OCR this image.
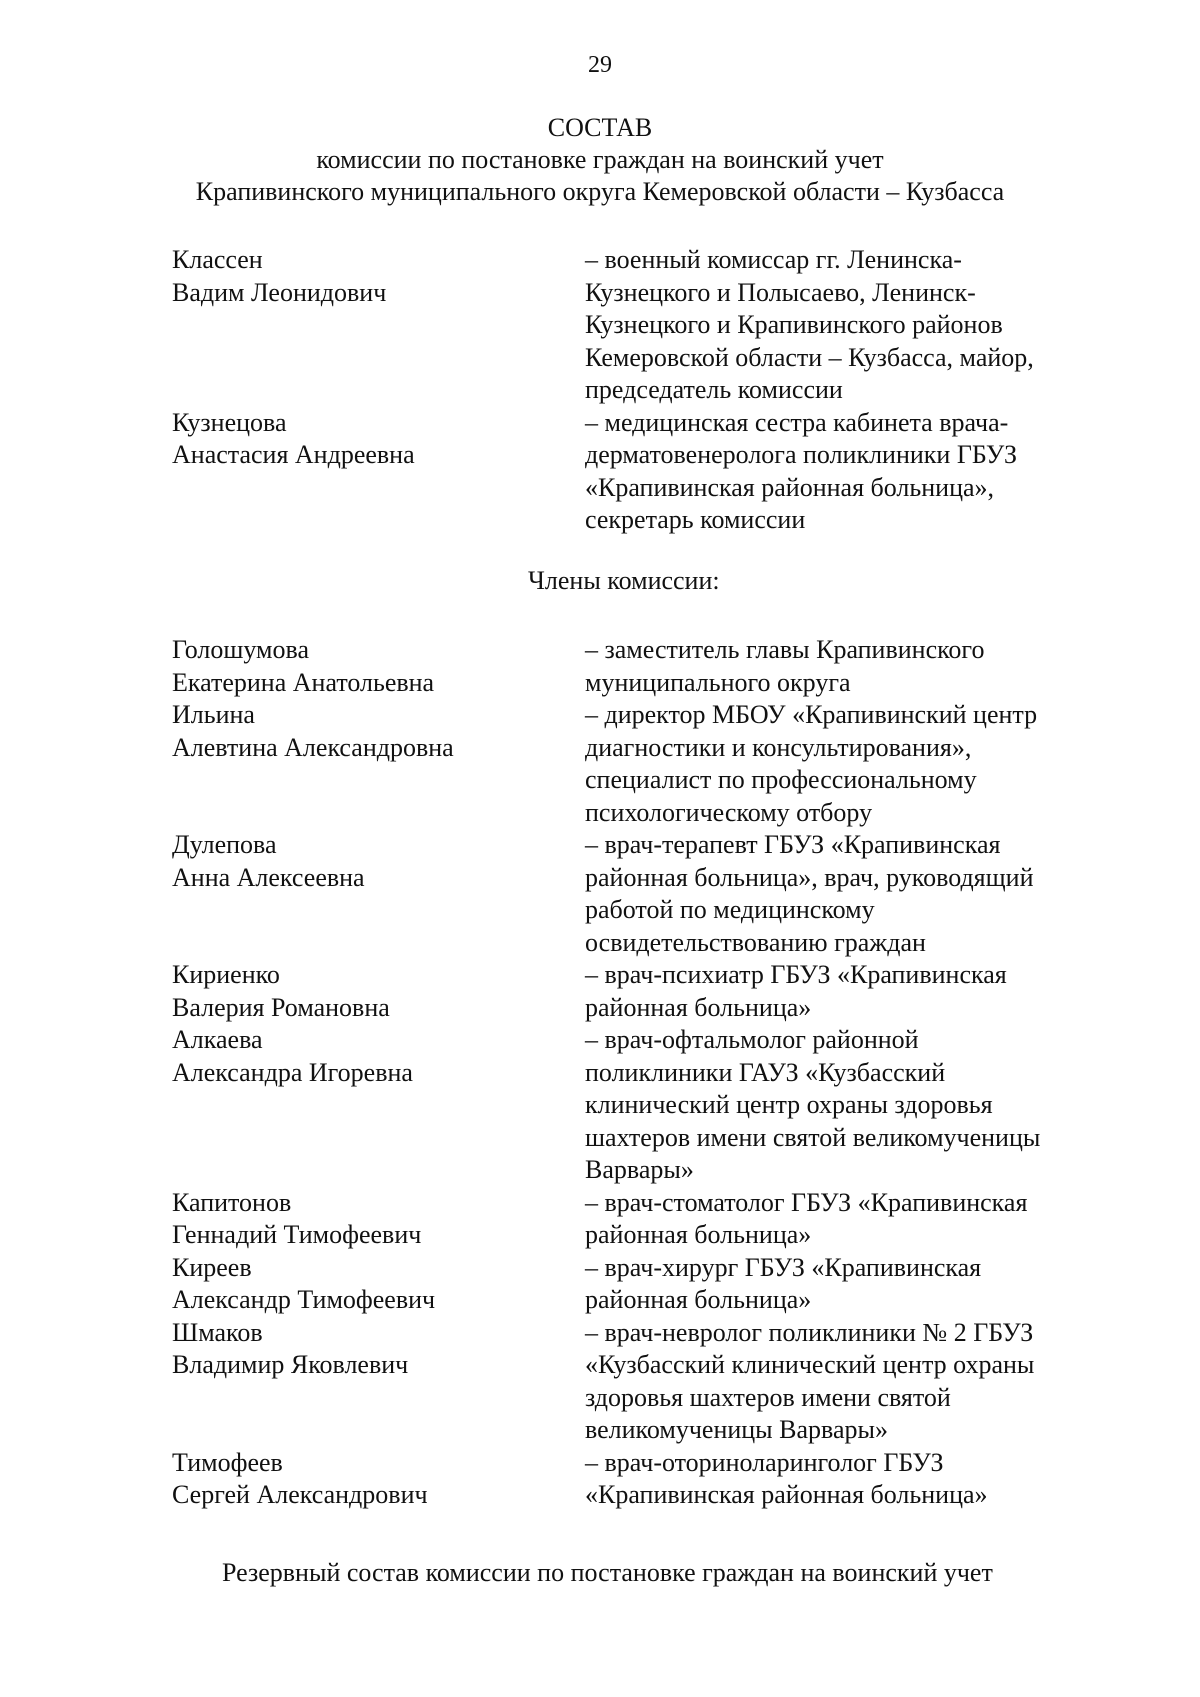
29
СОСТАВ
комиссии по постановке граждан на воинский учет
Крапивинского муниципального округа Кемеровской области – Кузбасса
Классен
Вадим Леонидович
– военный комиссар гг. Ленинска-
Кузнецкого и Полысаево, Ленинск-
Кузнецкого и Крапивинского районов
Кемеровской области – Кузбасса, майор,
председатель комиссии
Кузнецова
Анастасия Андреевна
– медицинская сестра кабинета врача-
дерматовенеролога поликлиники ГБУЗ
«Крапивинская районная больница»,
секретарь комиссии
Члены комиссии:
Голошумова
Екатерина Анатольевна
– заместитель главы Крапивинского
муниципального округа
Ильина
Алевтина Александровна
– директор МБОУ «Крапивинский центр
диагностики и консультирования»,
специалист по профессиональному
психологическому отбору
Дулепова
Анна Алексеевна
– врач-терапевт ГБУЗ «Крапивинская
районная больница», врач, руководящий
работой по медицинскому
освидетельствованию граждан
Кириенко
Валерия Романовна
– врач-психиатр ГБУЗ «Крапивинская
районная больница»
Алкаева
Александра Игоревна
– врач-офтальмолог районной
поликлиники ГАУЗ «Кузбасский
клинический центр охраны здоровья
шахтеров имени святой великомученицы
Варвары»
Капитонов
Геннадий Тимофеевич
– врач-стоматолог ГБУЗ «Крапивинская
районная больница»
Киреев
Александр Тимофеевич
– врач-хирург ГБУЗ «Крапивинская
районная больница»
Шмаков
Владимир Яковлевич
– врач-невролог поликлиники № 2 ГБУЗ
«Кузбасский клинический центр охраны
здоровья шахтеров имени святой
великомученицы Варвары»
Тимофеев
Сергей Александрович
– врач-оториноларинголог ГБУЗ
«Крапивинская районная больница»
Резервный состав комиссии по постановке граждан на воинский учет
